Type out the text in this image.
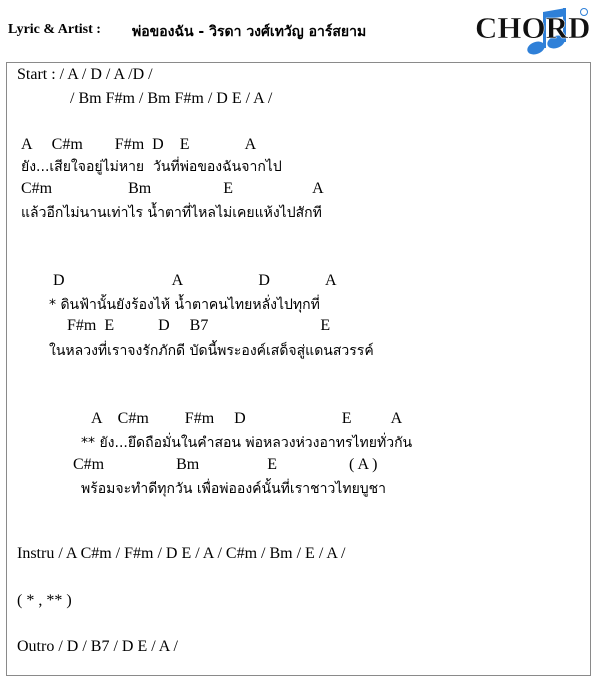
Lyric & Artist : พ่อของฉัน - วิรดา วงศ์เทวัญ อาร์สยาม	CHORD
Start : / A / D / A /D /
/ Bm F#m / Bm F#m / D E / A /
A     C#m        F#m  D    E              A
ยัง...เสียใจอยู่ไม่หาย  วันที่พ่อของฉันจากไป
C#m                   Bm                  E                    A
แล้วอีกไม่นานเท่าไร น้ำตาที่ไหลไม่เคยแห้งไปสักที
D                           A                   D              A
* ดินฟ้านั้นยังร้องไห้ น้ำตาคนไทยหลั่งไปทุกที่
F#m  E           D     B7                            E
ในหลวงที่เราจงรักภักดี บัดนี้พระองค์เสด็จสู่แดนสวรรค์
A    C#m         F#m     D                        E          A
** ยัง...ยึดถือมั่นในคำสอน พ่อหลวงห่วงอาทรไทยทั่วกัน
C#m                  Bm                 E                  ( A )
พร้อมจะทำดีทุกวัน เพื่อพ่อองค์นั้นที่เราชาวไทยบูชา
Instru / A C#m / F#m / D E / A / C#m / Bm / E / A /
( * , ** )
Outro / D / B7 / D E / A /
